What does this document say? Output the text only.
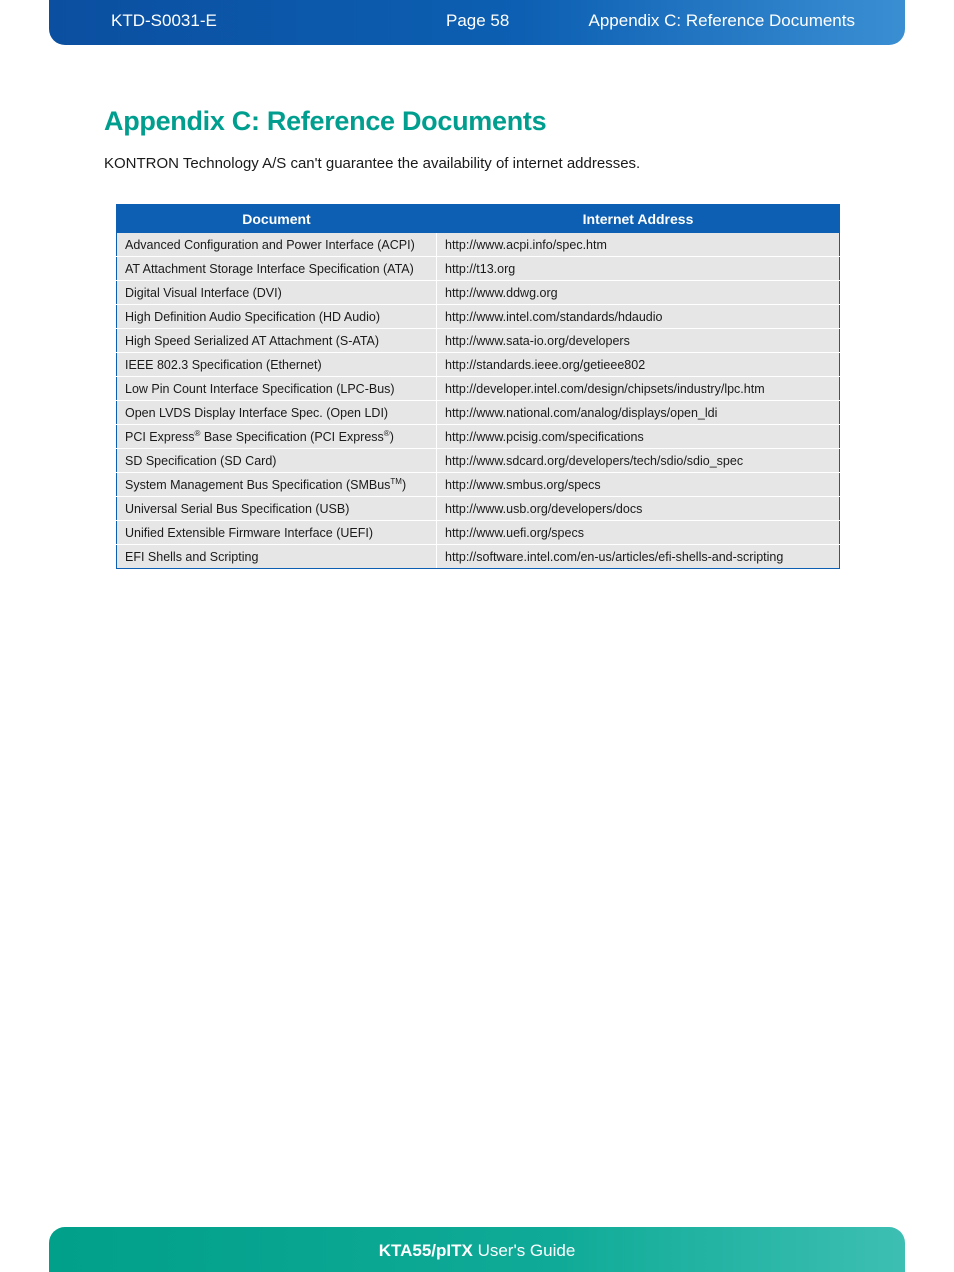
KTD-S0031-E	Page 58	Appendix C: Reference Documents
Appendix C: Reference Documents

KONTRON Technology A/S can't guarantee the availability of internet addresses.

Document	Internet Address
Advanced Configuration and Power Interface (ACPI)	http://www.acpi.info/spec.htm
AT Attachment Storage Interface Specification (ATA)	http://t13.org
Digital Visual Interface (DVI)	http://www.ddwg.org
High Definition Audio Specification (HD Audio)	http://www.intel.com/standards/hdaudio
High Speed Serialized AT Attachment (S-ATA)	http://www.sata-io.org/developers
IEEE 802.3 Specification (Ethernet)	http://standards.ieee.org/getieee802
Low Pin Count Interface Specification (LPC-Bus)	http://developer.intel.com/design/chipsets/industry/lpc.htm
Open LVDS Display Interface Spec. (Open LDI)	http://www.national.com/analog/displays/open_ldi
PCI Express® Base Specification (PCI Express®)	http://www.pcisig.com/specifications
SD Specification (SD Card)	http://www.sdcard.org/developers/tech/sdio/sdio_spec
System Management Bus Specification (SMBus™)	http://www.smbus.org/specs
Universal Serial Bus Specification (USB)	http://www.usb.org/developers/docs
Unified Extensible Firmware Interface (UEFI)	http://www.uefi.org/specs
EFI Shells and Scripting	http://software.intel.com/en-us/articles/efi-shells-and-scripting
KTA55/pITX User's Guide
